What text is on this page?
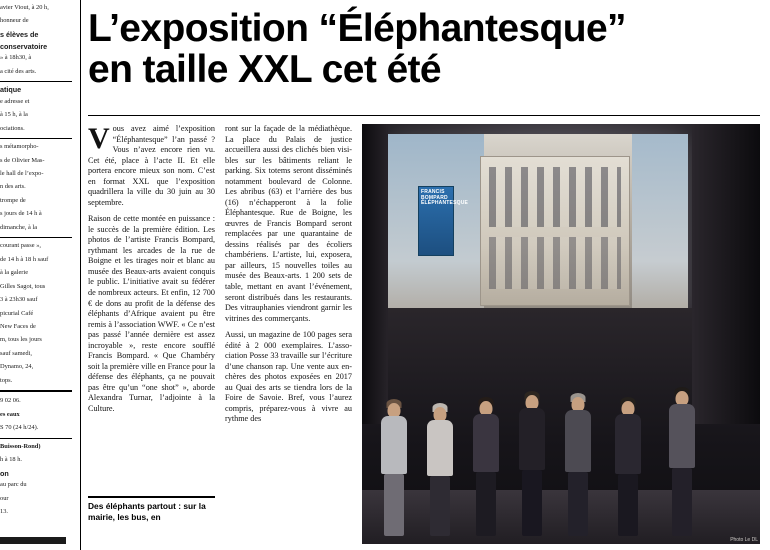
avier Viout, à 20 h,

honneur de

s élèves de

conservatoire

» à 18h30, à

a cité des arts.

atique

e adresse et

à 15 h, à la

ociations.

s métamorpho-

s de Olivier Mas-

le hall de l’expo-

n des arts.

trompe de

s jours de 14 h à

dimanche, à la

courant passe »,

de 14 h à 18 h sauf

à la galerie

Gilles Sagot, tous

3 à 23h30 sauf

picurial Café

New Faces de

m, tous les jours

sauf samedi,

Dynamo, 24,

tops.

9 02 06.

es eaux

S 70 (24 h/24).

Buisson-Rond)

h à 18 h.

on

au parc du

our

13.

L’exposition “Éléphantesque”
en taille XXL cet été

Vous avez aimé l’exposition “Éléphantesque” l’an passé ? Vous n’avez encore rien vu. Cet été, place à l’acte II. Et elle portera encore mieux son nom. C’est en format XXL que l’exposition quadrillera la ville du 30 juin au 30 septembre.

Raison de cette montée en puissance : le succès de la première édition. Les photos de l’artiste Francis Bompard, rythmant les arcades de la rue de Boigne et les tirages noir et blanc au musée des Beaux-arts avaient conquis le public. L’initiative avait su fédérer de nombreux acteurs. Et enfin, 12 700 € de dons au profit de la défense des éléphants d’Afrique avaient pu être remis à l’association WWF. « Ce n’est pas passé l’année dernière est assez incroyable », reste encore soufflé Francis Bompard. « Que Chambéry soit la première ville en France pour la défense des éléphants, ça ne pouvait pas être qu’un “one shot” », aborde Alexandra Turnar, l’adjointe à la Culture.

ront sur la façade de la médiathèque. La place du Palais de justice accueillera aussi des clichés bien visibles sur les bâtiments reliant le parking. Six totems seront disséminés notamment boulevard de Colonne. Les abribus (63) et l’arrière des bus (16) n’échapperont à la folie Éléphantesque. Rue de Boigne, les œuvres de Francis Bompard seront remplacées par une quarantaine de dessins réalisés par des écoliers chambériens. L’artiste, lui, exposera, par ailleurs, 15 nouvelles toiles au musée des Beaux-arts. 1 200 sets de table, mettant en avant l’événement, seront distribués dans les restaurants. Des vitrauphanies viendront garnir les vitrines des commerçants.

Aussi, un magazine de 100 pages sera édité à 2 000 exemplaires. L’association Posse 33 travaille sur l’écriture d’une chanson rap. Une vente aux enchères des photos exposées en 2017 au Quai des arts se tiendra lors de la Foire de Savoie. Bref, vous l’aurez compris, préparez-vous à vivre au rythme des

Des éléphants partout : sur la mairie, les bus, en
FRANCIS BOMPARD ÉLÉPHANTESQUE
Photo Le DL
